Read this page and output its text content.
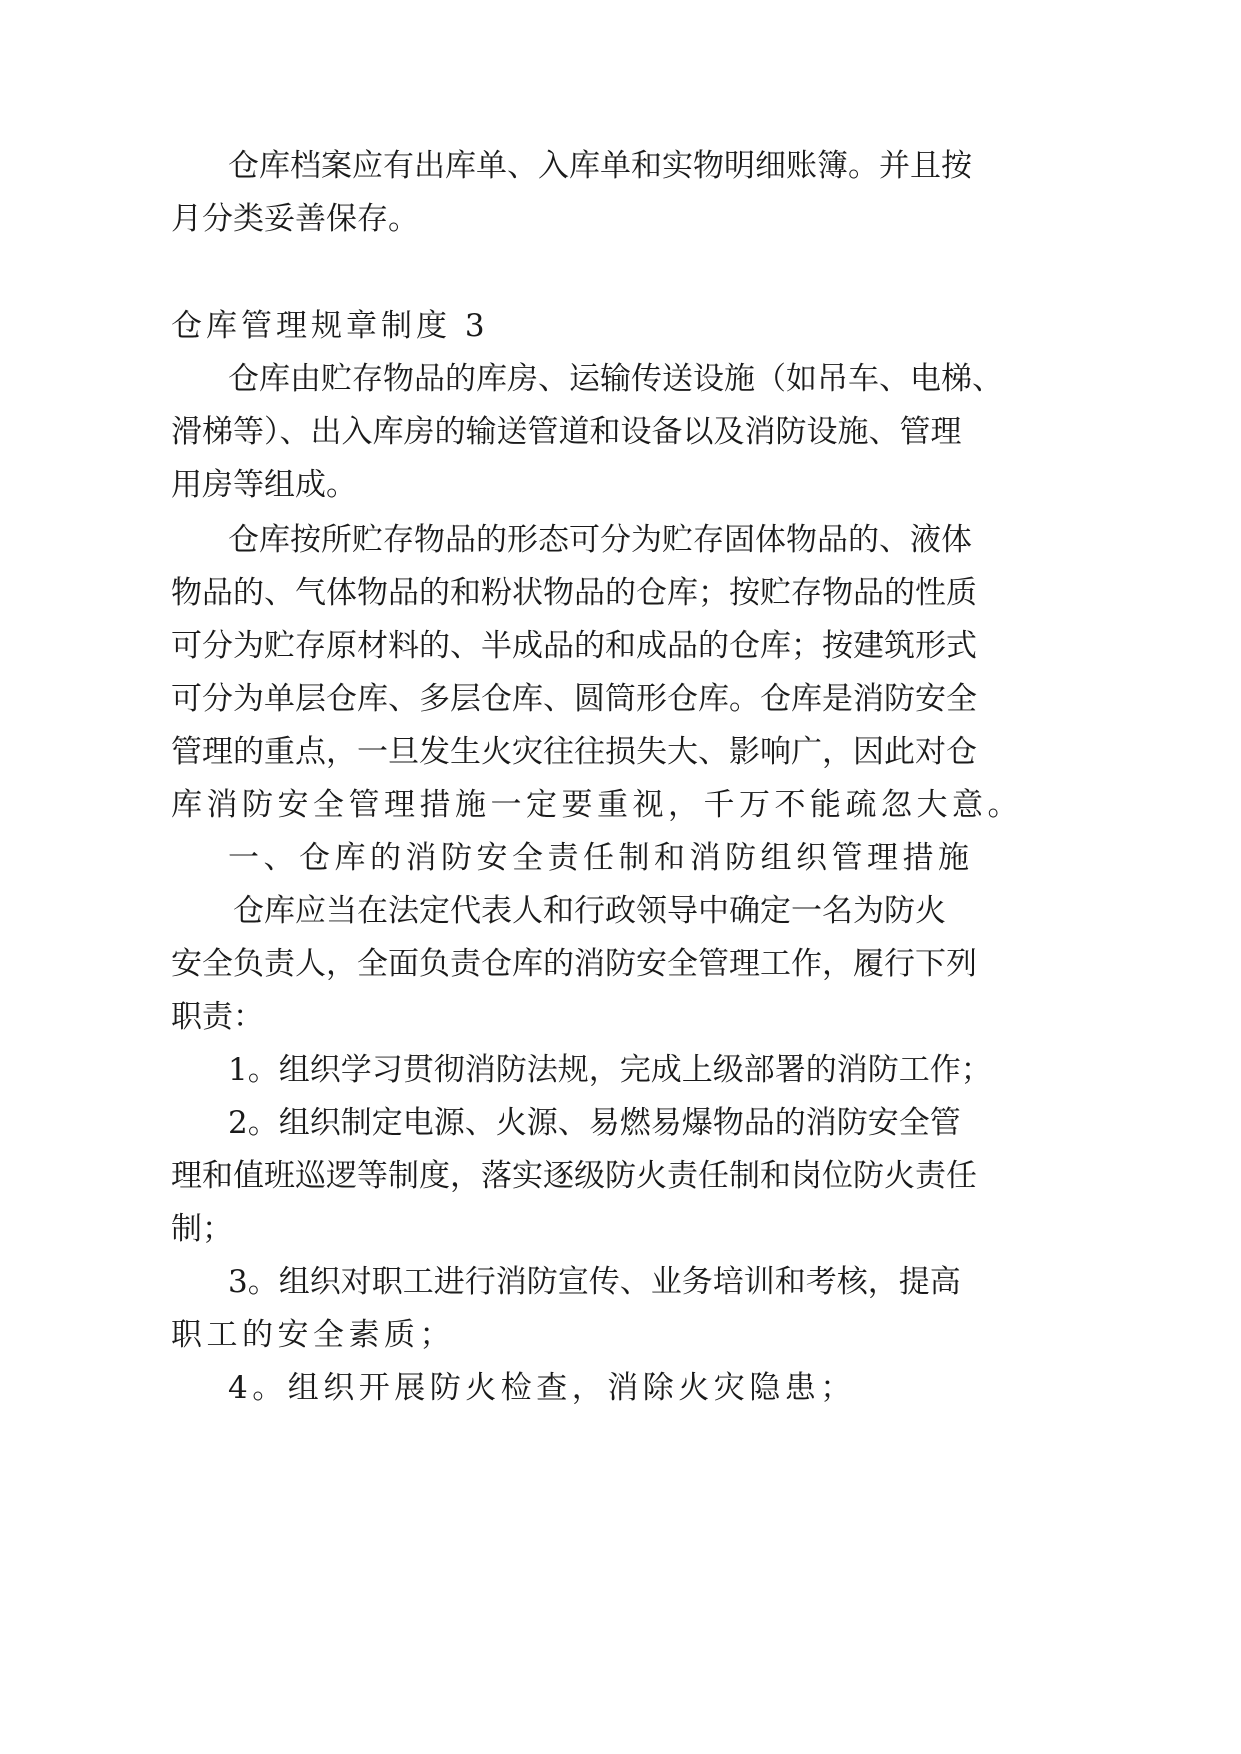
仓库档案应有出库单、入库单和实物明细账簿。并且按
月分类妥善保存。
仓库管理规章制度 3
仓库由贮存物品的库房、运输传送设施（如吊车、电梯、
滑梯等）、出入库房的输送管道和设备以及消防设施、管理
用房等组成。
仓库按所贮存物品的形态可分为贮存固体物品的、液体
物品的、气体物品的和粉状物品的仓库；按贮存物品的性质
可分为贮存原材料的、半成品的和成品的仓库；按建筑形式
可分为单层仓库、多层仓库、圆筒形仓库。仓库是消防安全
管理的重点，一旦发生火灾往往损失大、影响广，因此对仓
库消防安全管理措施一定要重视，千万不能疏忽大意。
一、仓库的消防安全责任制和消防组织管理措施
仓库应当在法定代表人和行政领导中确定一名为防火
安全负责人，全面负责仓库的消防安全管理工作，履行下列
职责：
1。组织学习贯彻消防法规，完成上级部署的消防工作；
2。组织制定电源、火源、易燃易爆物品的消防安全管
理和值班巡逻等制度，落实逐级防火责任制和岗位防火责任
制；
3。组织对职工进行消防宣传、业务培训和考核，提高
职工的安全素质；
4。组织开展防火检查，消除火灾隐患；
